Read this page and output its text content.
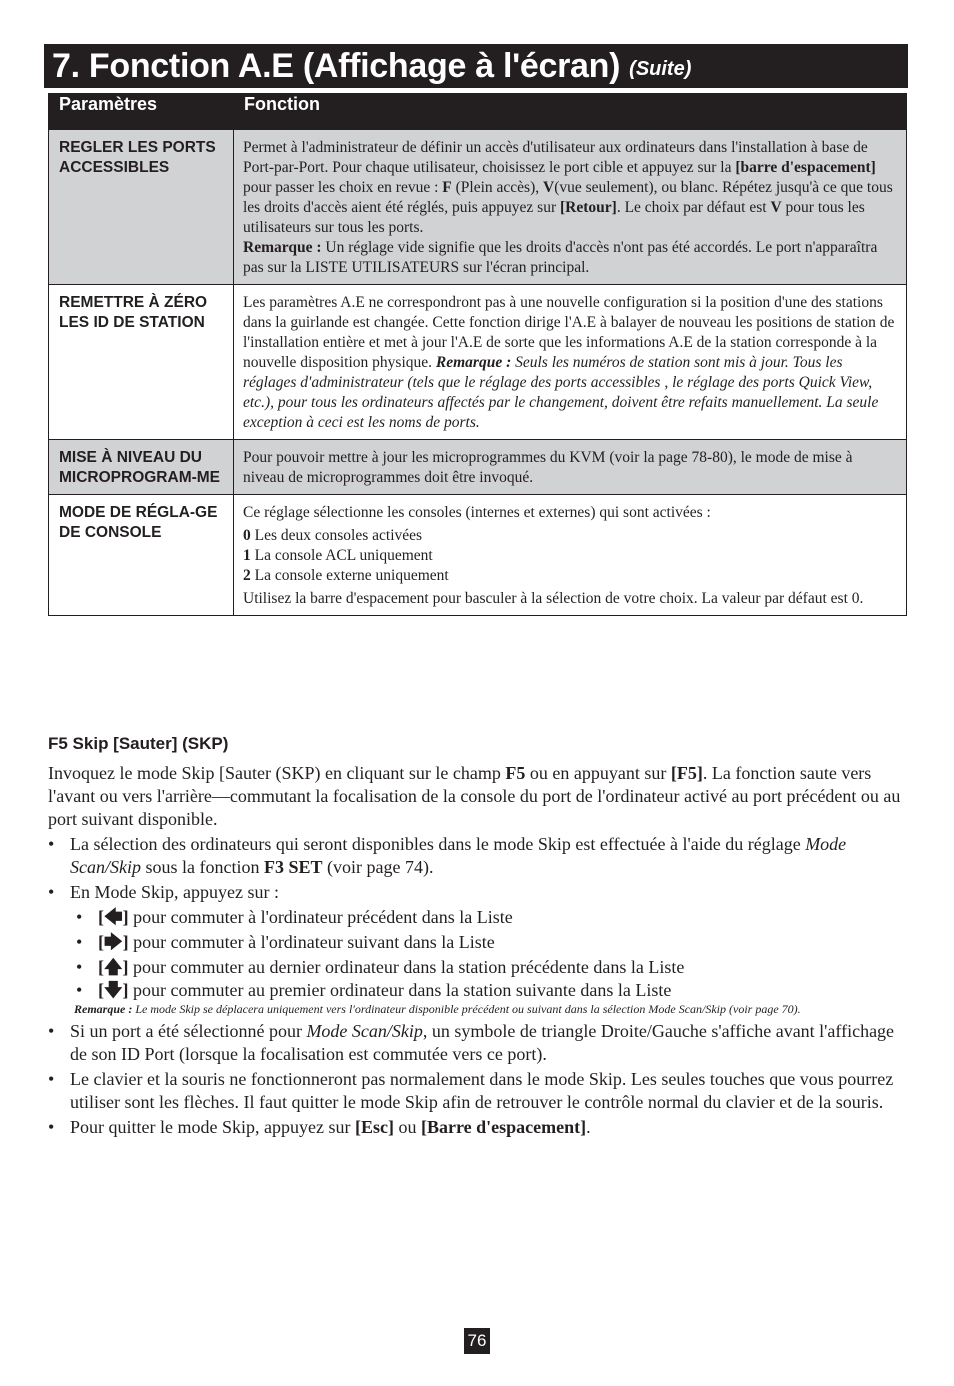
7. Fonction A.E (Affichage à l'écran) (Suite)
Paramètres	Fonction
REGLER LES PORTS ACCESSIBLES	Permet à l'administrateur de définir un accès d'utilisateur aux ordinateurs dans l'installation à base de Port-par-Port. Pour chaque utilisateur, choisissez le port cible et appuyez sur la [barre d'espacement] pour passer les choix en revue : F (Plein accès), V(vue seulement), ou blanc. Répétez jusqu'à ce que tous les droits d'accès aient été réglés, puis appuyez sur [Retour]. Le choix par défaut est V pour tous les utilisateurs sur tous les ports.

Remarque : Un réglage vide signifie que les droits d'accès n'ont pas été accordés. Le port n'apparaîtra pas sur la LISTE UTILISATEURS sur l'écran principal.

REMETTRE À ZÉRO LES ID DE STATION	Les paramètres A.E ne correspondront pas à une nouvelle configuration si la position d'une des stations dans la guirlande est changée. Cette fonction dirige l'A.E à balayer de nouveau les positions de station de l'installation entière et met à jour l'A.E de sorte que les informations A.E de la station corresponde à la nouvelle disposition physique. Remarque : Seuls les numéros de station sont mis à jour. Tous les réglages d'administrateur (tels que le réglage des ports accessibles , le réglage des ports Quick View, etc.), pour tous les ordinateurs affectés par le changement, doivent être refaits manuellement. La seule exception à ceci est les noms de ports.

MISE À NIVEAU DU MICROPROGRAM-ME	Pour pouvoir mettre à jour les microprogrammes du KVM (voir la page 78-80), le mode de mise à niveau de microprogrammes doit être invoqué.

MODE DE RÉGLA-GE DE CONSOLE	Ce réglage sélectionne les consoles (internes et externes) qui sont activées :

0 Les deux consoles activées

1 La console ACL uniquement

2 La console externe uniquement

Utilisez la barre d'espacement pour basculer à la sélection de votre choix. La valeur par défaut est 0.

F5 Skip [Sauter] (SKP)

Invoquez le mode Skip [Sauter (SKP) en cliquant sur le champ F5 ou en appuyant sur [F5]. La fonction saute vers l'avant ou vers l'arrière—commutant la focalisation de la console du port de l'ordinateur activé au port précédent ou au port suivant disponible.

• La sélection des ordinateurs qui seront disponibles dans le mode Skip est effectuée à l'aide du réglage Mode Scan/Skip sous la fonction F3 SET (voir page 74).
• En Mode Skip, appuyez sur :
• [🡄] pour commuter à l'ordinateur précédent dans la Liste
• [🡆] pour commuter à l'ordinateur suivant dans la Liste
• [🡅] pour commuter au dernier ordinateur dans la station précédente dans la Liste
• [🡇] pour commuter au premier ordinateur dans la station suivante dans la Liste
Remarque : Le mode Skip se déplacera uniquement vers l'ordinateur disponible précédent ou suivant dans la sélection Mode Scan/Skip (voir page 70).
• Si un port a été sélectionné pour Mode Scan/Skip, un symbole de triangle Droite/Gauche s'affiche avant l'affichage de son ID Port (lorsque la focalisation est commutée vers ce port).
• Le clavier et la souris ne fonctionneront pas normalement dans le mode Skip. Les seules touches que vous pourrez utiliser sont les flèches. Il faut quitter le mode Skip afin de retrouver le contrôle normal du clavier et de la souris.
• Pour quitter le mode Skip, appuyez sur [Esc] ou [Barre d'espacement].
76
